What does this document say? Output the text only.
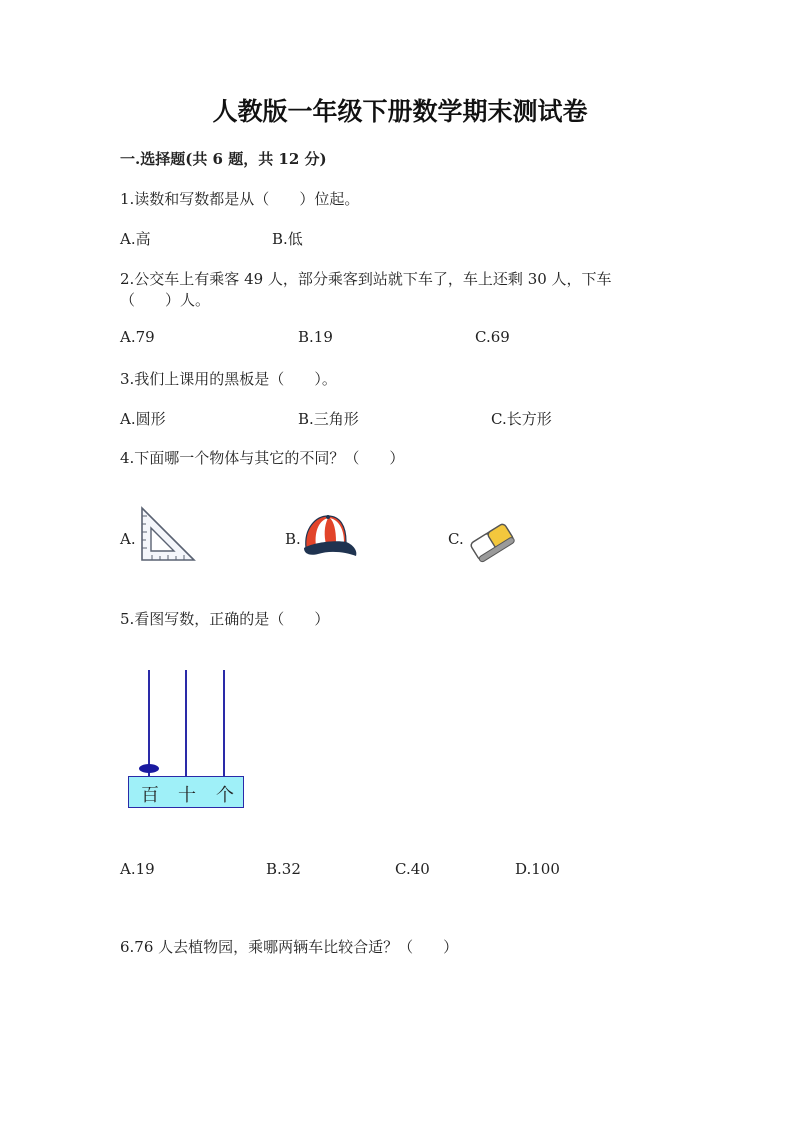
人教版一年级下册数学期末测试卷
一.选择题(共 6 题，共 12 分)
1.读数和写数都是从（　　）位起。
A.高	B.低
2.公交车上有乘客 49 人，部分乘客到站就下车了，车上还剩 30 人，下车
（　　）人。
A.79	B.19	C.69
3.我们上课用的黑板是（　　）。
A.圆形	B.三角形	C.长方形
4.下面哪一个物体与其它的不同？（　　）
A.	B.	C.
5.看图写数，正确的是（　　）
百 十 个
A.19	B.32	C.40	D.100
6.76 人去植物园，乘哪两辆车比较合适？（　　）
